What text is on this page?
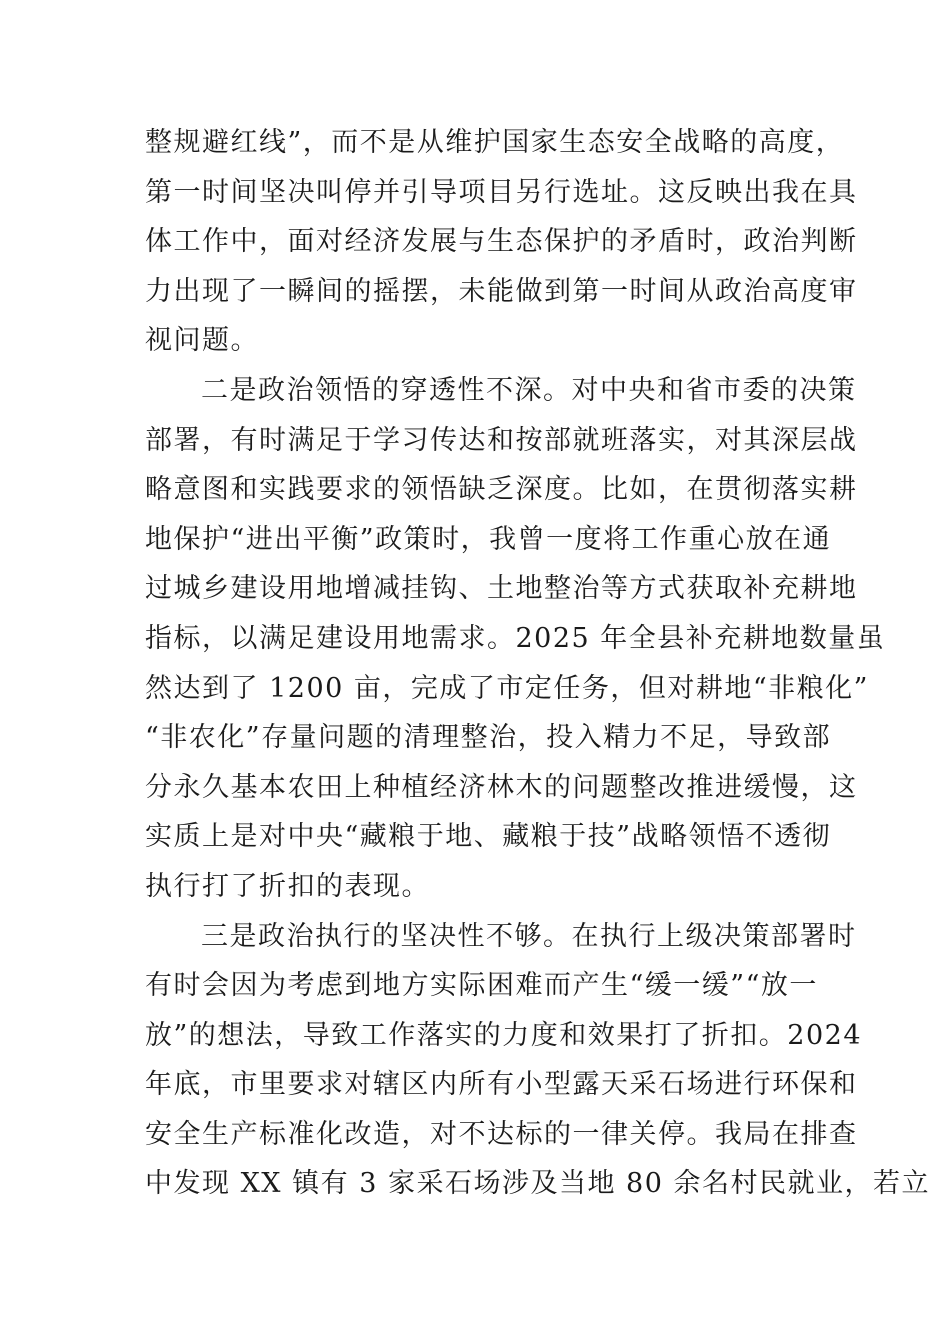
整规避红线”，而不是从维护国家生态安全战略的高度，
第一时间坚决叫停并引导项目另行选址。这反映出我在具
体工作中，面对经济发展与生态保护的矛盾时，政治判断
力出现了一瞬间的摇摆，未能做到第一时间从政治高度审
视问题。
二是政治领悟的穿透性不深。对中央和省市委的决策
部署，有时满足于学习传达和按部就班落实，对其深层战
略意图和实践要求的领悟缺乏深度。比如，在贯彻落实耕
地保护“进出平衡”政策时，我曾一度将工作重心放在通
过城乡建设用地增减挂钩、土地整治等方式获取补充耕地
指标，以满足建设用地需求。2025 年全县补充耕地数量虽
然达到了 1200 亩，完成了市定任务，但对耕地“非粮化”
“非农化”存量问题的清理整治，投入精力不足，导致部
分永久基本农田上种植经济林木的问题整改推进缓慢，这
实质上是对中央“藏粮于地、藏粮于技”战略领悟不透彻
执行打了折扣的表现。
三是政治执行的坚决性不够。在执行上级决策部署时
有时会因为考虑到地方实际困难而产生“缓一缓”“放一
放”的想法，导致工作落实的力度和效果打了折扣。2024
年底，市里要求对辖区内所有小型露天采石场进行环保和
安全生产标准化改造，对不达标的一律关停。我局在排查
中发现 XX 镇有 3 家采石场涉及当地 80 余名村民就业，若立
